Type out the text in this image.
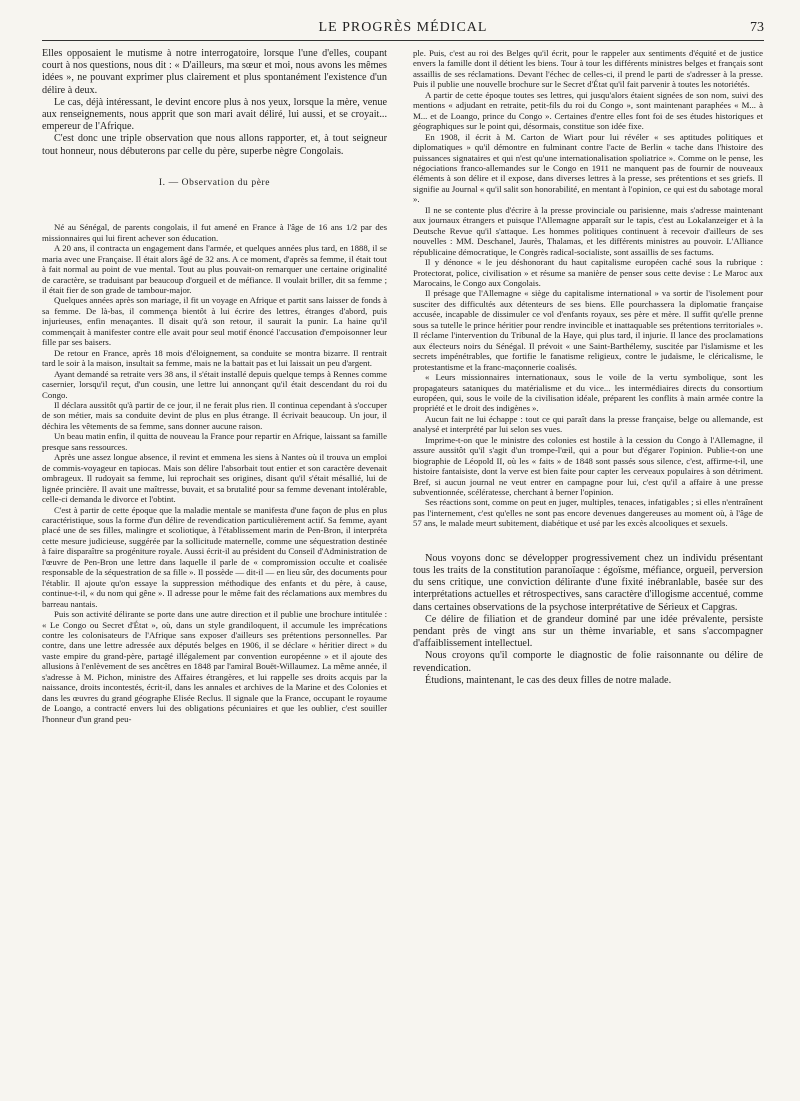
LE PROGRÈS MÉDICAL	73

Elles opposaient le mutisme à notre interrogatoire, lorsque l'une d'elles, coupant court à nos questions, nous dit : « D'ailleurs, ma sœur et moi, nous avons les mêmes idées », ne pouvant exprimer plus clairement et plus spontanément l'existence d'un délire à deux.

Le cas, déjà intéressant, le devint encore plus à nos yeux, lorsque la mère, venue aux renseignements, nous apprit que son mari avait déliré, lui aussi, et se croyait... empereur de l'Afrique.

C'est donc une triple observation que nous allons rapporter, et, à tout seigneur tout honneur, nous débuterons par celle du père, superbe nègre Congolais.

I. — Observation du père

Né au Sénégal, de parents congolais, il fut amené en France à l'âge de 16 ans 1/2 par des missionnaires qui lui firent achever son éducation.

A 20 ans, il contracta un engagement dans l'armée, et quelques années plus tard, en 1888, il se maria avec une Française. Il était alors âgé de 32 ans. A ce moment, d'après sa femme, il était tout à fait normal au point de vue mental. Tout au plus pouvait-on remarquer une certaine originalité de caractère, se traduisant par beaucoup d'orgueil et de méfiance. Il voulait briller, dit sa femme ; il était fier de son grade de tambour-major.

Quelques années après son mariage, il fit un voyage en Afrique et partit sans laisser de fonds à sa femme. De là-bas, il commença bientôt à lui écrire des lettres, étranges d'abord, puis injurieuses, enfin menaçantes. Il disait qu'à son retour, il saurait la punir. La haine qu'il commençait à manifester contre elle avait pour seul motif énoncé l'accusation d'empoisonner leur fille par ses baisers.

De retour en France, après 18 mois d'éloignement, sa conduite se montra bizarre. Il rentrait tard le soir à la maison, insultait sa femme, mais ne la battait pas et lui laissait un peu d'argent.

Ayant demandé sa retraite vers 38 ans, il s'était installé depuis quelque temps à Rennes comme casernier, lorsqu'il reçut, d'un cousin, une lettre lui annonçant qu'il était descendant du roi du Congo.

Il déclara aussitôt qu'à partir de ce jour, il ne ferait plus rien. Il continua cependant à s'occuper de son métier, mais sa conduite devint de plus en plus étrange. Il écrivait beaucoup. Un jour, il déchira les vêtements de sa femme, sans donner aucune raison.

Un beau matin enfin, il quitta de nouveau la France pour repartir en Afrique, laissant sa famille presque sans ressources.

Après une assez longue absence, il revint et emmena les siens à Nantes où il trouva un emploi de commis-voyageur en tapiocas. Mais son délire l'absorbait tout entier et son caractère devenait ombrageux. Il rudoyait sa femme, lui reprochait ses origines, disant qu'il s'était mésallié, lui de lignée princière. Il avait une maîtresse, buvait, et sa brutalité pour sa femme devenant intolérable, celle-ci demanda le divorce et l'obtint.

C'est à partir de cette époque que la maladie mentale se manifesta d'une façon de plus en plus caractéristique, sous la forme d'un délire de revendication particulièrement actif. Sa femme, ayant placé une de ses filles, malingre et scoliotique, à l'établissement marin de Pen-Bron, il interpréta cette mesure judicieuse, suggérée par la sollicitude maternelle, comme une séquestration destinée à faire disparaître sa progéniture royale. Aussi écrit-il au président du Conseil d'Administration de l'œuvre de Pen-Bron une lettre dans laquelle il parle de « compromission occulte et coalisée responsable de la séquestration de sa fille ». Il possède — dit-il — en lieu sûr, des documents pour l'établir. Il ajoute qu'on essaye la suppression méthodique des enfants et du père, à cause, continue-t-il, « du nom qui gêne ». Il adresse pour le même fait des réclamations aux membres du barreau nantais.

Puis son activité délirante se porte dans une autre direction et il publie une brochure intitulée : « Le Congo ou Secret d'État », où, dans un style grandiloquent, il accumule les imprécations contre les colonisateurs de l'Afrique sans exposer d'ailleurs ses prétentions personnelles. Par contre, dans une lettre adressée aux députés belges en 1906, il se déclare « héritier direct » du vaste empire du grand-père, partagé illégalement par convention européenne » et il ajoute des allusions à l'enlèvement de ses ancêtres en 1848 par l'amiral Bouët-Willaumez. La même année, il s'adresse à M. Pichon, ministre des Affaires étrangères, et lui rappelle ses droits acquis par la naissance, droits incontestés, écrit-il, dans les annales et archives de la Marine et des Colonies et dans les œuvres du grand géographe Elisée Reclus. Il signale que la France, occupant le royaume de Loango, a contracté envers lui des obligations pécuniaires et que les oublier, c'est souiller l'honneur d'un grand peu-

ple. Puis, c'est au roi des Belges qu'il écrit, pour le rappeler aux sentiments d'équité et de justice envers la famille dont il détient les biens. Tour à tour les différents ministres belges et français sont assaillis de ses réclamations. Devant l'échec de celles-ci, il prend le parti de s'adresser à la presse. Puis il publie une nouvelle brochure sur le Secret d'État qu'il fait parvenir à toutes les notoriétés.

A partir de cette époque toutes ses lettres, qui jusqu'alors étaient signées de son nom, suivi des mentions « adjudant en retraite, petit-fils du roi du Congo », sont maintenant paraphées « M... à M... et de Loango, prince du Congo ». Certaines d'entre elles font foi de ses études historiques et géographiques sur le point qui, désormais, constitue son idée fixe.

En 1908, il écrit à M. Carton de Wiart pour lui révéler « ses aptitudes politiques et diplomatiques » qu'il démontre en fulminant contre l'acte de Berlin « tache dans l'histoire des puissances signataires et qui n'est qu'une internationalisation spoliatrice ». Comme on le pense, les négociations franco-allemandes sur le Congo en 1911 ne manquent pas de fournir de nouveaux éléments à son délire et il expose, dans diverses lettres à la presse, ses prétentions et ses griefs. Il signifie au Journal « qu'il salit son honorabilité, en mentant à l'opinion, ce qui est du sabotage moral ».

Il ne se contente plus d'écrire à la presse provinciale ou parisienne, mais s'adresse maintenant aux journaux étrangers et puisque l'Allemagne apparaît sur le tapis, c'est au Lokalanzeiger et à la Deutsche Revue qu'il s'attaque. Les hommes politiques continuent à recevoir d'ailleurs de ses nouvelles : MM. Deschanel, Jaurès, Thalamas, et les différents ministres au pouvoir. L'Alliance républicaine démocratique, le Congrès radical-socialiste, sont assaillis de ses factums.

Il y dénonce « le jeu déshonorant du haut capitalisme européen caché sous la rubrique : Protectorat, police, civilisation » et résume sa manière de penser sous cette devise : Le Maroc aux Marocains, le Congo aux Congolais.

Il présage que l'Allemagne « siège du capitalisme international » va sortir de l'isolement pour susciter des difficultés aux détenteurs de ses biens. Elle pourchassera la diplomatie française accusée, incapable de dissimuler ce vol d'enfants royaux, ses père et mère. Il suffit qu'elle prenne sous sa tutelle le prince héritier pour rendre invincible et inattaquable ses prétentions territoriales ». Il réclame l'intervention du Tribunal de la Haye, qui plus tard, il injurie. Il lance des proclamations aux électeurs noirs du Sénégal. Il prévoit « une Saint-Barthélemy, suscitée par l'islamisme et les secrets impénétrables, que fortifie le fanatisme religieux, contre le judaïsme, le cléricalisme, le protestantisme et la franc-maçonnerie coalisés.

« Leurs missionnaires internationaux, sous le voile de la vertu symbolique, sont les propagateurs sataniques du matérialisme et du vice... les intermédiaires directs du consortium européen, qui, sous le voile de la civilisation idéale, préparent les conflits à main armée contre la propriété et le droit des indigènes ».

Aucun fait ne lui échappe : tout ce qui paraît dans la presse française, belge ou allemande, est analysé et interprété par lui selon ses vues.

Imprime-t-on que le ministre des colonies est hostile à la cession du Congo à l'Allemagne, il assure aussitôt qu'il s'agit d'un trompe-l'œil, qui a pour but d'égarer l'opinion. Publie-t-on une biographie de Léopold II, où les « faits » de 1848 sont passés sous silence, c'est, affirme-t-il, une histoire fantaisiste, dont la verve est bien faite pour capter les cerveaux populaires à son détriment. Bref, si aucun journal ne veut entrer en campagne pour lui, c'est qu'il a affaire à une presse subventionnée, scélératesse, cherchant à berner l'opinion.

Ses réactions sont, comme on peut en juger, multiples, tenaces, infatigables ; si elles n'entraînent pas l'internement, c'est qu'elles ne sont pas encore devenues dangereuses au moment où, à l'âge de 57 ans, le malade meurt subitement, diabétique et usé par les excès alcooliques et sexuels.

Nous voyons donc se développer progressivement chez un individu présentant tous les traits de la constitution paranoïaque : égoïsme, méfiance, orgueil, perversion du sens critique, une conviction délirante d'une fixité inébranlable, basée sur des interprétations actuelles et rétrospectives, sans caractère d'illogisme accentué, comme dans certaines observations de la psychose interprétative de Sérieux et Capgras.

Ce délire de filiation et de grandeur dominé par une idée prévalente, persiste pendant près de vingt ans sur un thème invariable, et sans s'accompagner d'affaiblissement intellectuel.

Nous croyons qu'il comporte le diagnostic de folie raisonnante ou délire de revendication.

Étudions, maintenant, le cas des deux filles de notre malade.
